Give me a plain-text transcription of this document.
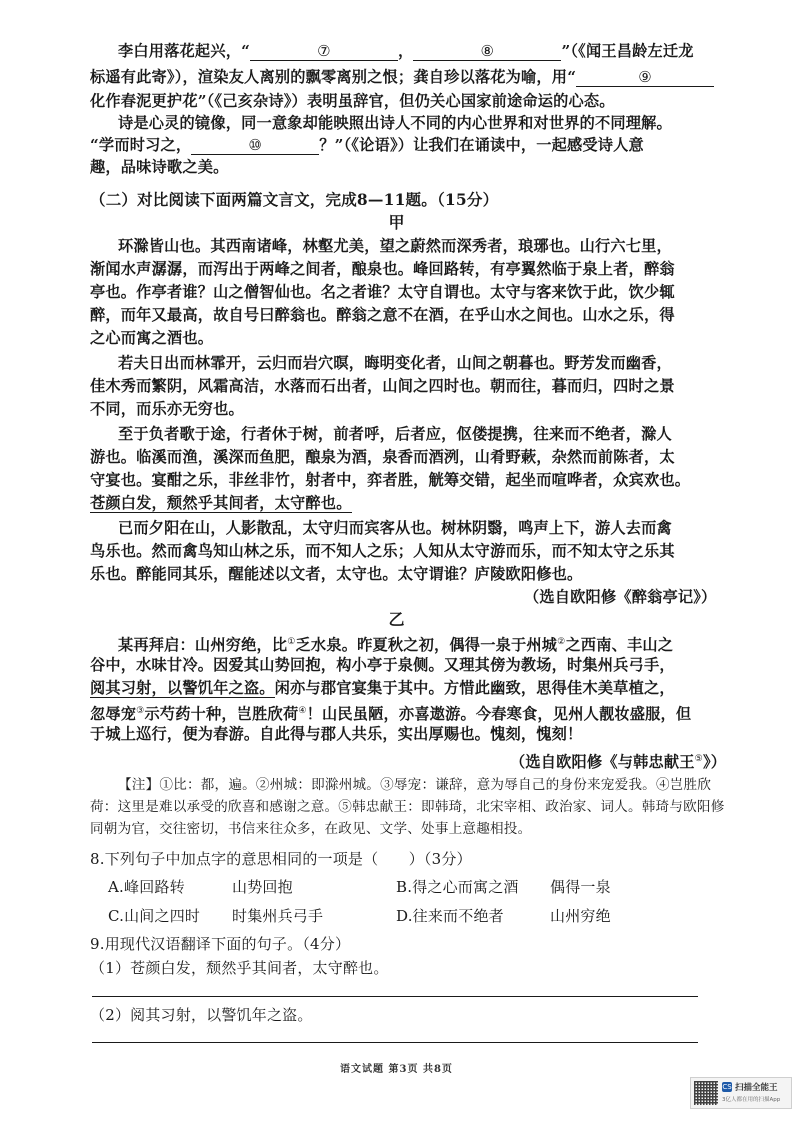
李白用落花起兴，“	⑦	，	⑧	”（《闻王昌龄左迁龙
标遥有此寄》），渲染友人离别的飘零离别之恨；龚自珍以落花为喻，用“	⑨
化作春泥更护花”（《己亥杂诗》）表明虽辞官，但仍关心国家前途命运的心态。
诗是心灵的镜像，同一意象却能映照出诗人不同的内心世界和对世界的不同理解。
“学而时习之，	⑩	？”（《论语》）让我们在诵读中，一起感受诗人意
趣，品味诗歌之美。
（二）对比阅读下面两篇文言文，完成8—11题。（15分）
甲
环滁皆山也。其西南诸峰，林壑尤美，望之蔚然而深秀者，琅琊也。山行六七里，
渐闻水声潺潺，而泻出于两峰之间者，酿泉也。峰回路转，有亭翼然临于泉上者，醉翁
亭也。作亭者谁？山之僧智仙也。名之者谁？太守自谓也。太守与客来饮于此，饮少辄
醉，而年又最高，故自号曰醉翁也。醉翁之意不在酒，在乎山水之间也。山水之乐，得
之心而寓之酒也。
若夫日出而林霏开，云归而岩穴暝，晦明变化者，山间之朝暮也。野芳发而幽香，
佳木秀而繁阴，风霜高洁，水落而石出者，山间之四时也。朝而往，暮而归，四时之景
不同，而乐亦无穷也。
至于负者歌于途，行者休于树，前者呼，后者应，伛偻提携，往来而不绝者，滁人
游也。临溪而渔，溪深而鱼肥，酿泉为酒，泉香而酒洌，山肴野蔌，杂然而前陈者，太
守宴也。宴酣之乐，非丝非竹，射者中，弈者胜，觥筹交错，起坐而喧哗者，众宾欢也。
苍颜白发，颓然乎其间者，太守醉也。
已而夕阳在山，人影散乱，太守归而宾客从也。树林阴翳，鸣声上下，游人去而禽
鸟乐也。然而禽鸟知山林之乐，而不知人之乐；人知从太守游而乐，而不知太守之乐其
乐也。醉能同其乐，醒能述以文者，太守也。太守谓谁？庐陵欧阳修也。
（选自欧阳修《醉翁亭记》）
乙
某再拜启：山州穷绝，比①乏水泉。昨夏秋之初，偶得一泉于州城②之西南、丰山之
谷中，水味甘冷。因爱其山势回抱，构小亭于泉侧。又理其傍为教场，时集州兵弓手，
阅其习射，以警饥年之盗。闲亦与郡官宴集于其中。方惜此幽致，思得佳木美草植之，
忽辱宠③示芍药十种，岂胜欣荷④！山民虽陋，亦喜遨游。今春寒食，见州人靓妆盛服，但
于城上巡行，便为春游。自此得与郡人共乐，实出厚赐也。愧刻，愧刻！
（选自欧阳修《与韩忠献王⑤》）
【注】①比：都，遍。②州城：即滁州城。③辱宠：谦辞，意为辱自己的身份来宠爱我。④岂胜欣
荷：这里是难以承受的欣喜和感谢之意。⑤韩忠献王：即韩琦，北宋宰相、政治家、词人。韩琦与欧阳修
同朝为官，交往密切，书信来往众多，在政见、文学、处事上意趣相投。
8.下列句子中加点字的意思相同的一项是（　　）（3分）
A.峰回路转	山势回抱	B.得之心而寓之酒 偶得一泉
C.山间之四时 时集州兵弓手	D.往来而不绝者	山州穷绝
9.用现代汉语翻译下面的句子。（4分）
（1）苍颜白发，颓然乎其间者，太守醉也。
（2）阅其习射，以警饥年之盗。
语文试题 第3页 共8页
CS 扫描全能王
3亿人都在用的扫描App
